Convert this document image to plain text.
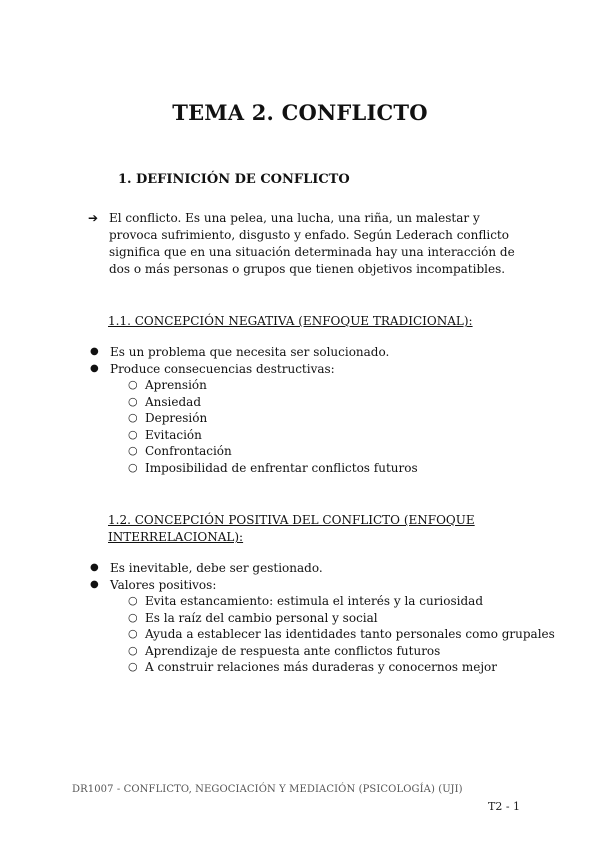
TEMA 2. CONFLICTO
1. DEFINICIÓN DE CONFLICTO
➔ El conflicto. Es una pelea, una lucha, una riña, un malestar y provoca sufrimiento, disgusto y enfado. Según Lederach conflicto significa que en una situación determinada hay una interacción de dos o más personas o grupos que tienen objetivos incompatibles.
1.1. CONCEPCIÓN NEGATIVA (ENFOQUE TRADICIONAL):
● Es un problema que necesita ser solucionado.
● Produce consecuencias destructivas:
○ Aprensión
○ Ansiedad
○ Depresión
○ Evitación
○ Confrontación
○ Imposibilidad de enfrentar conflictos futuros
1.2. CONCEPCIÓN POSITIVA DEL CONFLICTO (ENFOQUE INTERRELACIONAL):
● Es inevitable, debe ser gestionado.
● Valores positivos:
○ Evita estancamiento: estimula el interés y la curiosidad
○ Es la raíz del cambio personal y social
○ Ayuda a establecer las identidades tanto personales como grupales
○ Aprendizaje de respuesta ante conflictos futuros
○ A construir relaciones más duraderas y conocernos mejor
DR1007 - CONFLICTO, NEGOCIACIÓN Y MEDIACIÓN (PSICOLOGÍA) (UJI)
T2 - 1
